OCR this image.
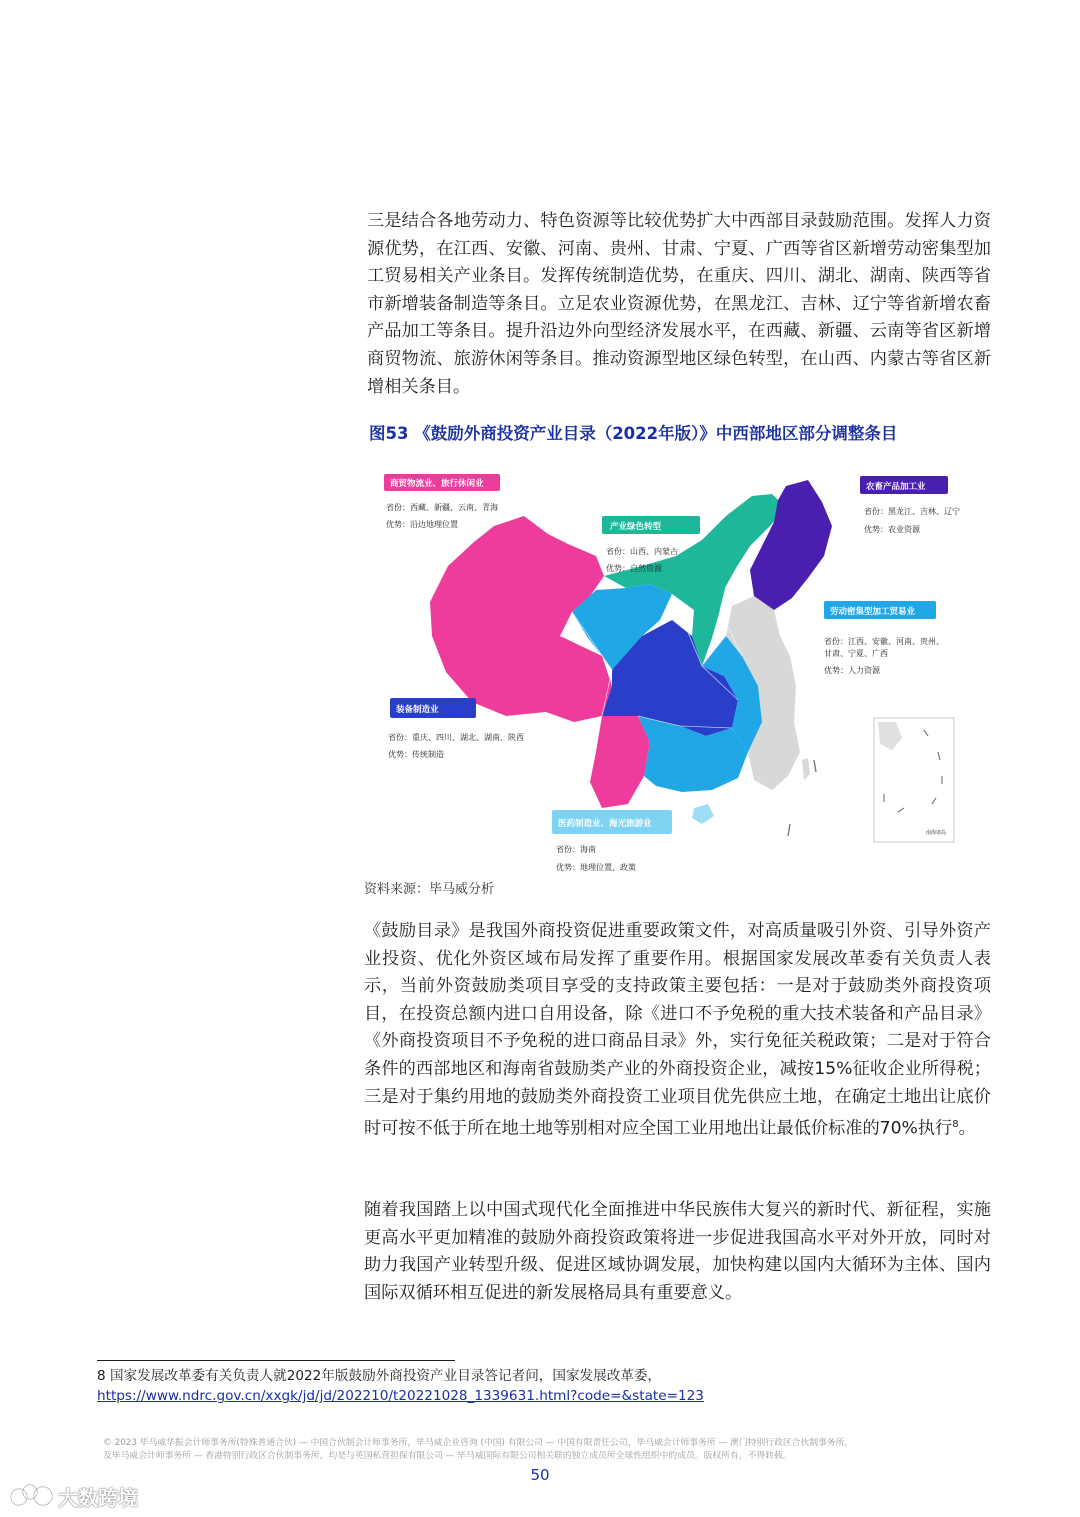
三是结合各地劳动力、特色资源等比较优势扩大中西部目录鼓励范围。发挥人力资源优势，在江西、安徽、河南、贵州、甘肃、宁夏、广西等省区新增劳动密集型加工贸易相关产业条目。发挥传统制造优势，在重庆、四川、湖北、湖南、陕西等省市新增装备制造等条目。立足农业资源优势，在黑龙江、吉林、辽宁等省新增农畜产品加工等条目。提升沿边外向型经济发展水平，在西藏、新疆、云南等省区新增商贸物流、旅游休闲等条目。推动资源型地区绿色转型，在山西、内蒙古等省区新增相关条目。

图53 《鼓励外商投资产业目录（2022年版）》中西部地区部分调整条目

南海诸岛
商贸物流业、旅行休闲业
省份：西藏、新疆、云南、青海
优势：沿边地理位置	产业绿色转型
省份：山西、内蒙古
优势：自然资源
农畜产品加工业
省份：黑龙江、吉林、辽宁
优势：农业资源
劳动密集型加工贸易业
省份：江西、安徽、河南、贵州、
甘肃、宁夏、广西
优势：人力资源
装备制造业
省份：重庆、四川、湖北、湖南、陕西
优势：传统制造
医药制造业、海光旅游业
省份：海南
优势：地理位置、政策

资料来源：毕马威分析

《鼓励目录》是我国外商投资促进重要政策文件，对高质量吸引外资、引导外资产业投资、优化外资区域布局发挥了重要作用。根据国家发展改革委有关负责人表示，当前外资鼓励类项目享受的支持政策主要包括：一是对于鼓励类外商投资项目，在投资总额内进口自用设备，除《进口不予免税的重大技术装备和产品目录》《外商投资项目不予免税的进口商品目录》外，实行免征关税政策；二是对于符合条件的西部地区和海南省鼓励类产业的外商投资企业，减按15%征收企业所得税；三是对于集约用地的鼓励类外商投资工业项目优先供应土地，在确定土地出让底价时可按不低于所在地土地等别相对应全国工业用地出让最低价标准的70%执行$^8$。

随着我国踏上以中国式现代化全面推进中华民族伟大复兴的新时代、新征程，实施更高水平更加精准的鼓励外商投资政策将进一步促进我国高水平对外开放，同时对助力我国产业转型升级、促进区域协调发展，加快构建以国内大循环为主体、国内国际双循环相互促进的新发展格局具有重要意义。

8 国家发展改革委有关负责人就2022年版鼓励外商投资产业目录答记者问，国家发展改革委，
https://www.ndrc.gov.cn/xxgk/jd/jd/202210/t20221028_1339631.html?code=&state=123

© 2023 毕马威华振会计师事务所(特殊普通合伙) — 中国合伙制会计师事务所，毕马威企业咨询 (中国) 有限公司 — 中国有限责任公司，毕马威会计师事务所 — 澳门特别行政区合伙制事务所，
及毕马威会计师事务所 — 香港特别行政区合伙制事务所，均是与英国私营担保有限公司 — 毕马威国际有限公司相关联的独立成员所全球性组织中的成员。版权所有，不得转载。

50
大数跨境
